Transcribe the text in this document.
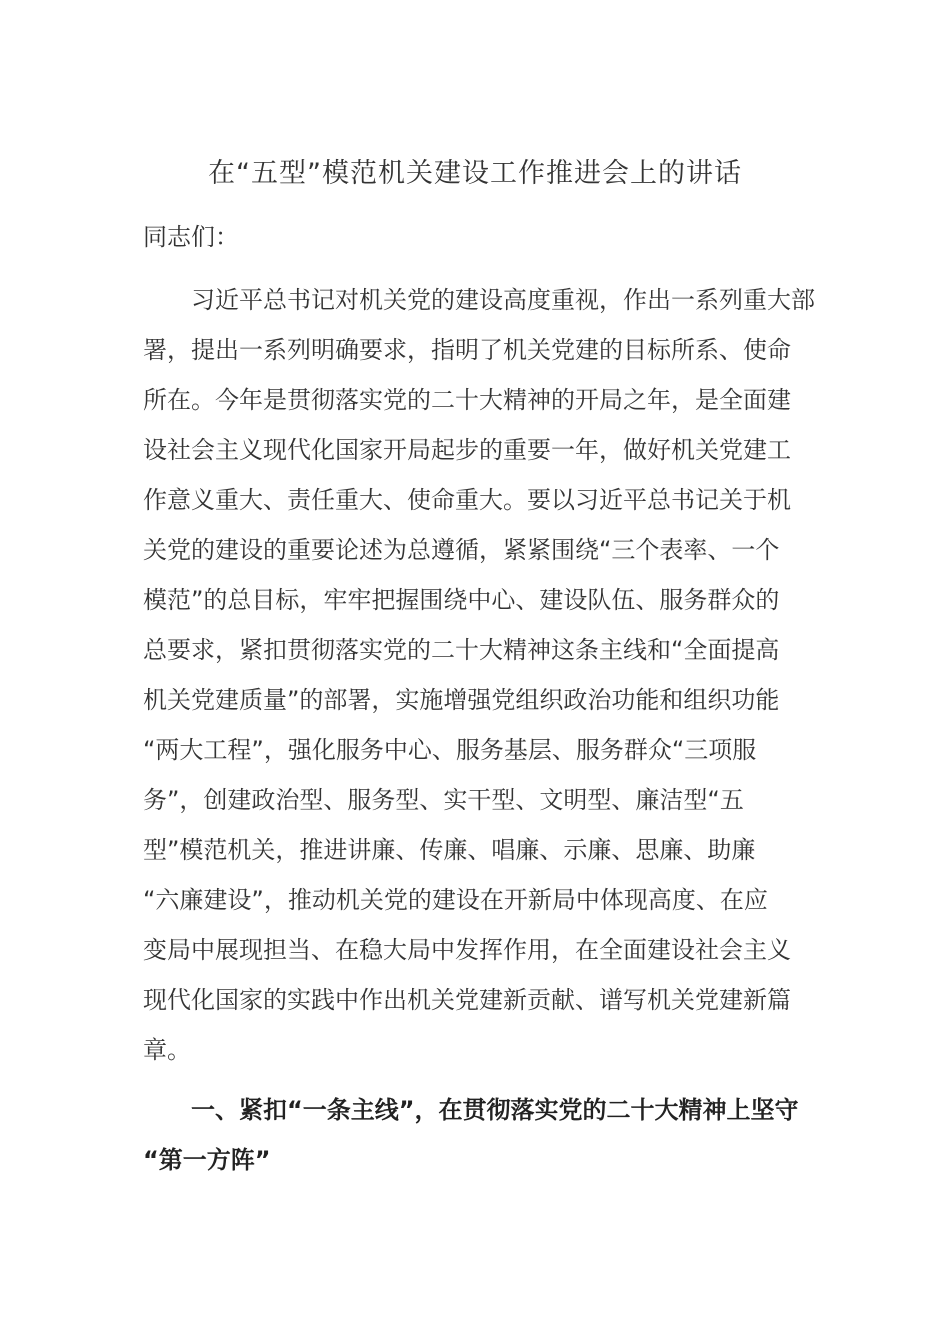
在“五型”模范机关建设工作推进会上的讲话

同志们：

　　习近平总书记对机关党的建设高度重视，作出一系列重大部

署，提出一系列明确要求，指明了机关党建的目标所系、使命

所在。今年是贯彻落实党的二十大精神的开局之年，是全面建

设社会主义现代化国家开局起步的重要一年，做好机关党建工

作意义重大、责任重大、使命重大。要以习近平总书记关于机

关党的建设的重要论述为总遵循，紧紧围绕“三个表率、一个

模范”的总目标，牢牢把握围绕中心、建设队伍、服务群众的

总要求，紧扣贯彻落实党的二十大精神这条主线和“全面提高

机关党建质量”的部署，实施增强党组织政治功能和组织功能

“两大工程”，强化服务中心、服务基层、服务群众“三项服

务”，创建政治型、服务型、实干型、文明型、廉洁型“五

型”模范机关，推进讲廉、传廉、唱廉、示廉、思廉、助廉

“六廉建设”，推动机关党的建设在开新局中体现高度、在应

变局中展现担当、在稳大局中发挥作用，在全面建设社会主义

现代化国家的实践中作出机关党建新贡献、谱写机关党建新篇

章。

　　一、紧扣“一条主线”，在贯彻落实党的二十大精神上坚守

“第一方阵”
